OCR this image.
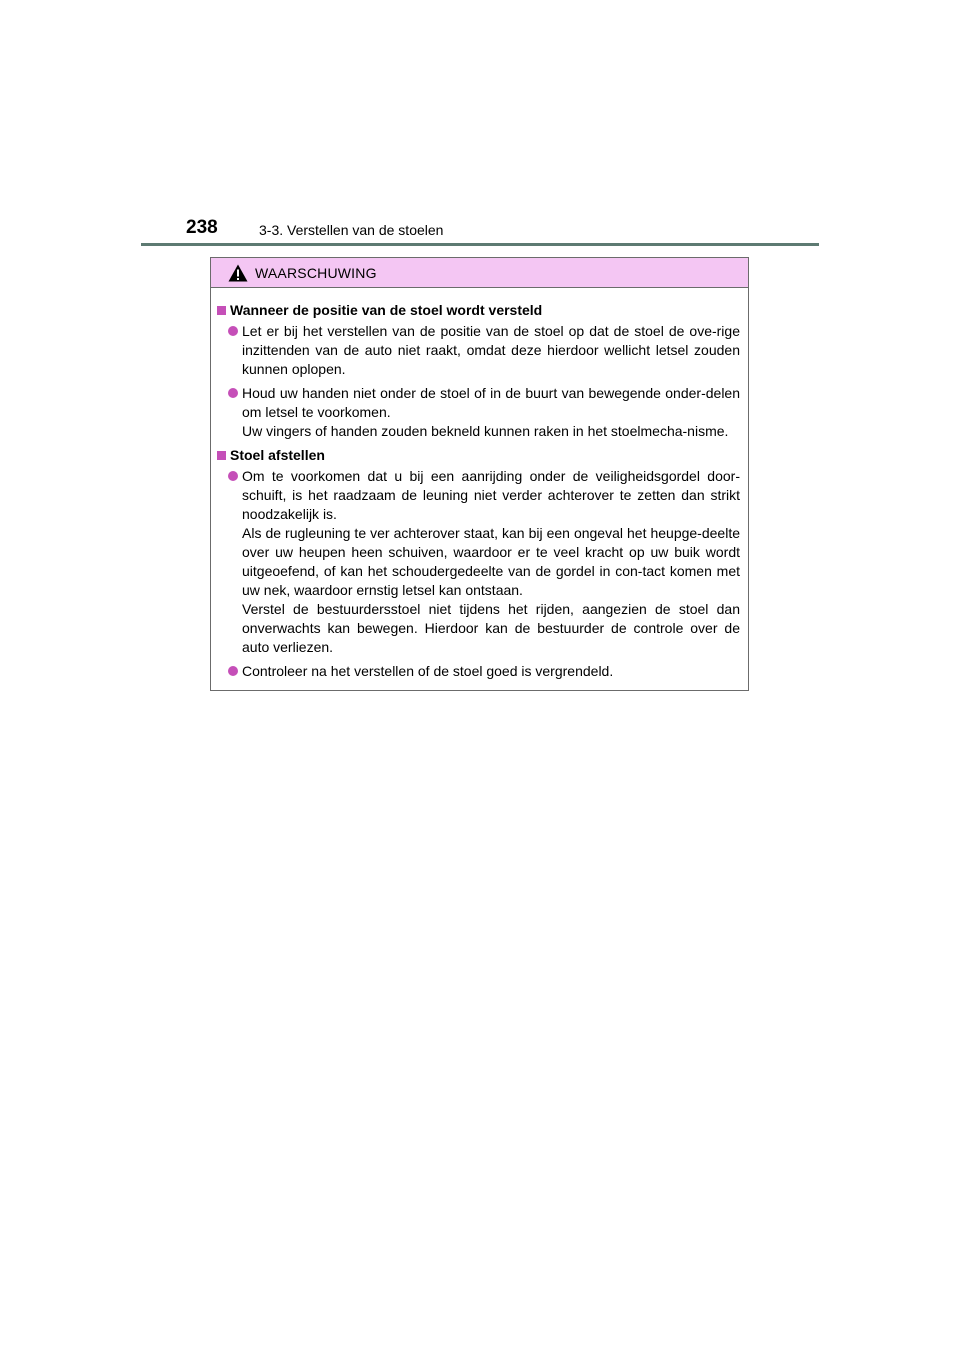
238	3-3. Verstellen van de stoelen
WAARSCHUWING
Wanneer de positie van de stoel wordt versteld

Let er bij het verstellen van de positie van de stoel op dat de stoel de ove-rige inzittenden van de auto niet raakt, omdat deze hierdoor wellicht letsel zouden kunnen oplopen.

Houd uw handen niet onder de stoel of in de buurt van bewegende onder-delen om letsel te voorkomen.

Uw vingers of handen zouden bekneld kunnen raken in het stoelmecha-nisme.

Stoel afstellen

Om te voorkomen dat u bij een aanrijding onder de veiligheidsgordel door-schuift, is het raadzaam de leuning niet verder achterover te zetten dan strikt noodzakelijk is.

Als de rugleuning te ver achterover staat, kan bij een ongeval het heupge-deelte over uw heupen heen schuiven, waardoor er te veel kracht op uw buik wordt uitgeoefend, of kan het schoudergedeelte van de gordel in con-tact komen met uw nek, waardoor ernstig letsel kan ontstaan.

Verstel de bestuurdersstoel niet tijdens het rijden, aangezien de stoel dan onverwachts kan bewegen. Hierdoor kan de bestuurder de controle over de auto verliezen.

Controleer na het verstellen of de stoel goed is vergrendeld.
